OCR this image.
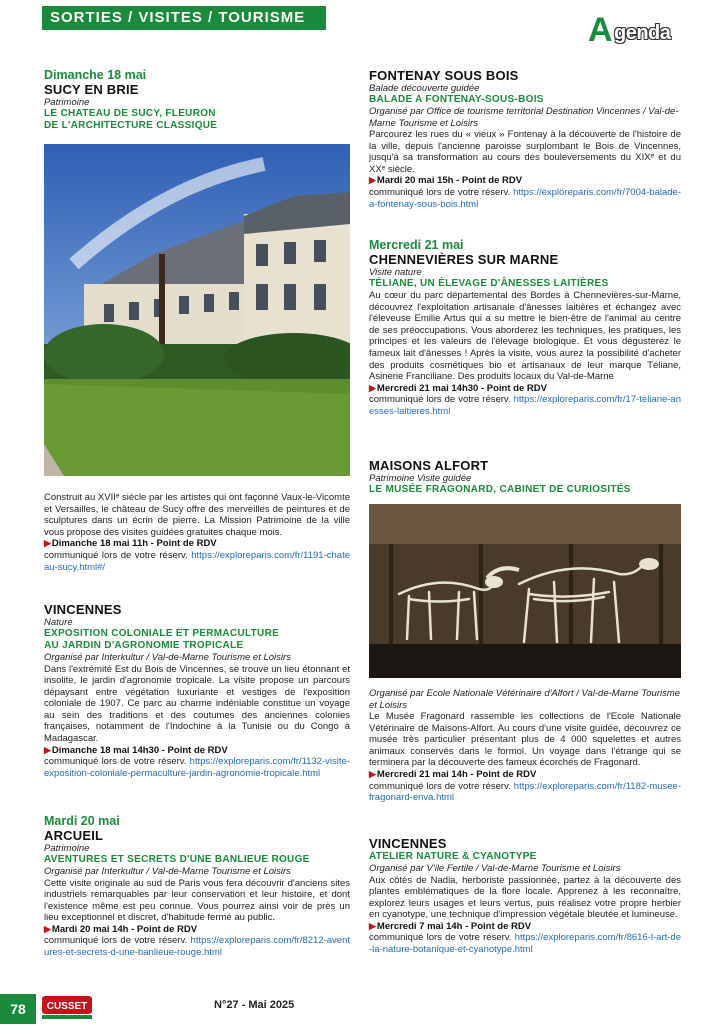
SORTIES / VISITES / TOURISME	A genda
Dimanche 18 mai
SUCY EN BRIE
Patrimoine
LE CHATEAU DE SUCY, FLEURON
DE L'ARCHITECTURE CLASSIQUE
Construit au XVIIᵉ siècle par les artistes qui ont façonné Vaux-le-Vicomte et Versailles, le château de Sucy offre des merveilles de peintures et de sculptures dans un écrin de pierre. La Mission Patrimoine de la ville vous propose des visites guidées gratuites chaque mois.
▶Dimanche 18 mai 11h - Point de RDV
communiqué lors de votre réserv. https://exploreparis.com/fr/1191-chateau-sucy.html#/
VINCENNES
Nature
EXPOSITION COLONIALE ET PERMACULTURE
AU JARDIN D'AGRONOMIE TROPICALE
Organisé par Interkultur / Val-de-Marne Tourisme et Loisirs
Dans l'extrémité Est du Bois de Vincennes, se trouve un lieu étonnant et insolite, le jardin d'agronomie tropicale. La visite propose un parcours dépaysant entre végétation luxuriante et vestiges de l'exposition coloniale de 1907. Ce parc au charme indéniable constitue un voyage au sein des traditions et des coutumes des anciennes colonies françaises, notamment de l'Indochine à la Tunisie ou du Congo à Madagascar.
▶Dimanche 18 mai 14h30 - Point de RDV
communiqué lors de votre réserv. https://exploreparis.com/fr/1132-visite-exposition-coloniale-permaculture-jardin-agronomie-tropicale.html
Mardi 20 mai
ARCUEIL
Patrimoine
AVENTURES ET SECRETS D'UNE BANLIEUE ROUGE
Organisé par Interkultur / Val-de-Marne Tourisme et Loisirs
Cette visite originale au sud de Paris vous fera découvrir d'anciens sites industriels remarquables par leur conservation et leur histoire, et dont l'existence même est peu connue. Vous pourrez ainsi voir de près un lieu exceptionnel et discret, d'habitude fermé au public.
▶Mardi 20 mai 14h - Point de RDV
communiqué lors de votre réserv. https://exploreparis.com/fr/8212-aventures-et-secrets-d-une-banlieue-rouge.html
FONTENAY SOUS BOIS
Balade découverte guidée
BALADE A FONTENAY-SOUS-BOIS
Organisé par Office de tourisme territorial Destination Vincennes / Val-de-Marne Tourisme et Loisirs
Parcourez les rues du « vieux » Fontenay à la découverte de l'histoire de la ville, depuis l'ancienne paroisse surplombant le Bois de Vincennes, jusqu'à sa transformation au cours des bouleversements du XIXᵉ et du XXᵉ siècle.
▶Mardi 20 mai 15h - Point de RDV
communiqué lors de votre réserv. https://exploreparis.com/fr/7004-balade-a-fontenay-sous-bois.html
Mercredi 21 mai
CHENNEVIÈRES SUR MARNE
Visite nature
TÉLIANE, UN ÉLEVAGE D'ÂNESSES LAITIÈRES
Au cœur du parc départemental des Bordes à Chennevières-sur-Marne, découvrez l'exploitation artisanale d'ânesses laitières et échangez avec l'éleveuse Emilie Artus qui a su mettre le bien-être de l'animal au centre de ses préoccupations. Vous aborderez les techniques, les pratiques, les principes et les valeurs de l'élevage biologique. Et vous dégusterez le fameux lait d'ânesses ! Après la visite, vous aurez la possibilité d'acheter des produits cosmétiques bio et artisanaux de leur marque Téliane, Asinerie Franciliane. Des produits locaux du Val-de-Marne
▶Mercredi 21 mai 14h30 - Point de RDV
communiqué lors de votre réserv. https://exploreparis.com/fr/17-teliane-anesses-laitieres.html
MAISONS ALFORT
Patrimoine Visite guidée
LE MUSÉE FRAGONARD, CABINET DE CURIOSITÉS
Organisé par Ecole Nationale Vétérinaire d'Alfort / Val-de-Marne Tourisme et Loisirs
Le Musée Fragonard rassemble les collections de l'Ecole Nationale Vétérinaire de Maisons-Alfort. Au cours d'une visite guidée, découvrez ce musée très particulier présentant plus de 4 000 squelettes et autres animaux conservés dans le formol. Un voyage dans l'étrange qui se terminera par la découverte des fameux écorchés de Fragonard.
▶Mercredi 21 mai 14h - Point de RDV
communiqué lors de votre réserv. https://exploreparis.com/fr/1182-musee-fragonard-enva.html
VINCENNES
ATELIER NATURE & CYANOTYPE
Organisé par V'ile Fertile / Val-de-Marne Tourisme et Loisirs
Aux côtés de Nadia, herboriste passionnée, partez à la découverte des plantes emblématiques de la flore locale. Apprenez à les reconnaître, explorez leurs usages et leurs vertus, puis réalisez votre propre herbier en cyanotype, une technique d'impression végétale bleutée et lumineuse.
▶Mercredi 7 mai 14h - Point de RDV
communiqué lors de votre réserv. https://exploreparis.com/fr/8616-l-art-de-la-nature-botanique-et-cyanotype.html
78	CUSSET	N°27 - Mai 2025
